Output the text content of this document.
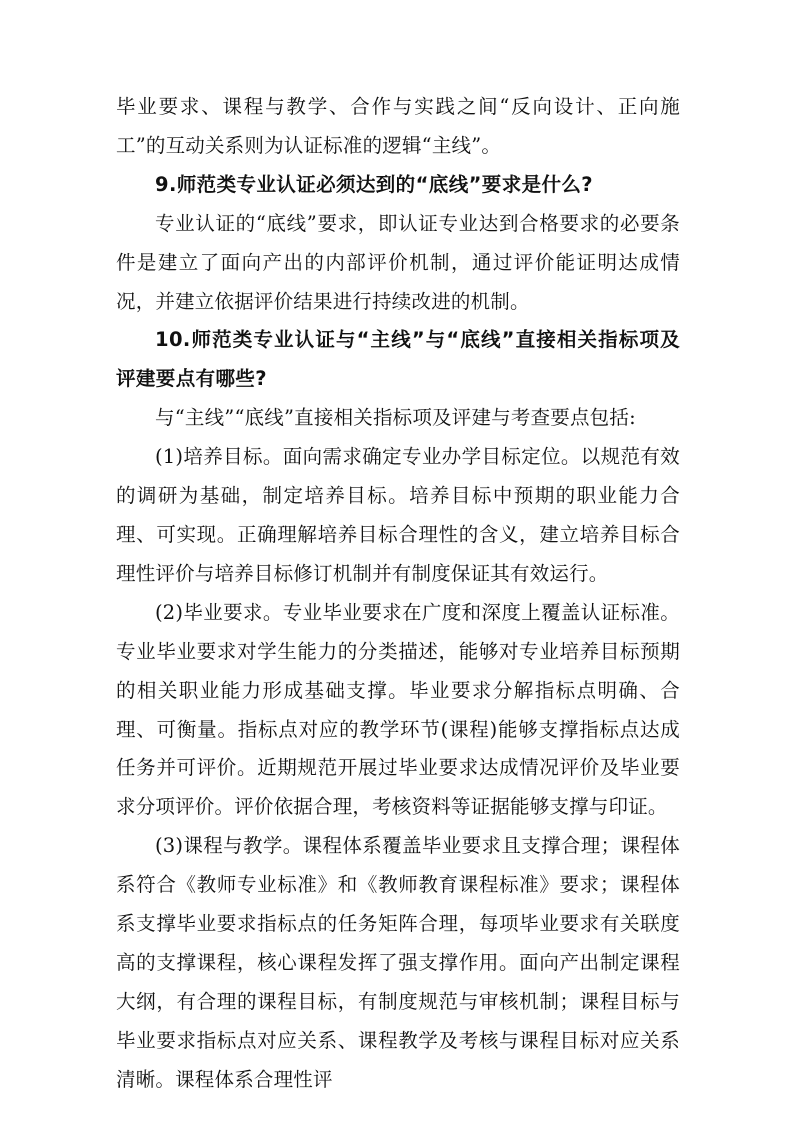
毕业要求、课程与教学、合作与实践之间“反向设计、正向施工”的互动关系则为认证标准的逻辑“主线”。

9.师范类专业认证必须达到的“底线”要求是什么?

专业认证的“底线”要求，即认证专业达到合格要求的必要条件是建立了面向产出的内部评价机制，通过评价能证明达成情况，并建立依据评价结果进行持续改进的机制。

10.师范类专业认证与“主线”与“底线”直接相关指标项及评建要点有哪些?

与“主线”“底线”直接相关指标项及评建与考查要点包括:

(1)培养目标。面向需求确定专业办学目标定位。以规范有效的调研为基础，制定培养目标。培养目标中预期的职业能力合理、可实现。正确理解培养目标合理性的含义，建立培养目标合理性评价与培养目标修订机制并有制度保证其有效运行。

(2)毕业要求。专业毕业要求在广度和深度上覆盖认证标准。专业毕业要求对学生能力的分类描述，能够对专业培养目标预期的相关职业能力形成基础支撑。毕业要求分解指标点明确、合理、可衡量。指标点对应的教学环节(课程)能够支撑指标点达成任务并可评价。近期规范开展过毕业要求达成情况评价及毕业要求分项评价。评价依据合理，考核资料等证据能够支撑与印证。

(3)课程与教学。课程体系覆盖毕业要求且支撑合理；课程体系符合《教师专业标准》和《教师教育课程标准》要求；课程体系支撑毕业要求指标点的任务矩阵合理，每项毕业要求有关联度高的支撑课程，核心课程发挥了强支撑作用。面向产出制定课程大纲，有合理的课程目标，有制度规范与审核机制；课程目标与毕业要求指标点对应关系、课程教学及考核与课程目标对应关系清晰。课程体系合理性评
